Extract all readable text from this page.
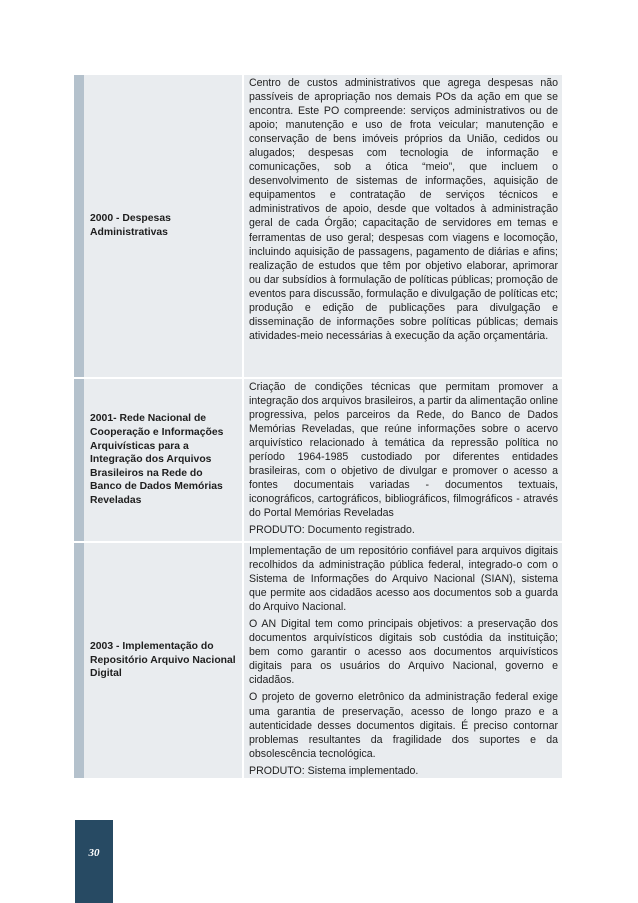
2000 - Despesas Administrativas

Centro de custos administrativos que agrega despesas não passíveis de apropriação nos demais POs da ação em que se encontra. Este PO compreende: serviços administrativos ou de apoio; manutenção e uso de frota veicular; manutenção e conservação de bens imóveis próprios da União, cedidos ou alugados; despesas com tecnologia de informação e comunicações, sob a ótica “meio”, que incluem o desenvolvimento de sistemas de informações, aquisição de equipamentos e contratação de serviços técnicos e administrativos de apoio, desde que voltados à administração geral de cada Órgão; capacitação de servidores em temas e ferramentas de uso geral; despesas com viagens e locomoção, incluindo aquisição de passagens, pagamento de diárias e afins; realização de estudos que têm por objetivo elaborar, aprimorar ou dar subsídios à formulação de políticas públicas; promoção de eventos para discussão, formulação e divulgação de políticas etc; produção e edição de publicações para divulgação e disseminação de informações sobre políticas públicas; demais atividades-meio necessárias à execução da ação orçamentária.

2001- Rede Nacional de Cooperação e Informações Arquivísticas para a Integração dos Arquivos Brasileiros na Rede do Banco de Dados Memórias Reveladas

Criação de condições técnicas que permitam promover a integração dos arquivos brasileiros, a partir da alimentação online progressiva, pelos parceiros da Rede, do Banco de Dados Memórias Reveladas, que reúne informações sobre o acervo arquivístico relacionado à temática da repressão política no período 1964-1985 custodiado por diferentes entidades brasileiras, com o objetivo de divulgar e promover o acesso a fontes documentais variadas - documentos textuais, iconográficos, cartográficos, bibliográficos, filmográficos - através do Portal Memórias Reveladas

PRODUTO: Documento registrado.

2003 - Implementação do Repositório Arquivo Nacional Digital

Implementação de um repositório confiável para arquivos digitais recolhidos da administração pública federal, integrado-o com o Sistema de Informações do Arquivo Nacional (SIAN), sistema que permite aos cidadãos acesso aos documentos sob a guarda do Arquivo Nacional.

O AN Digital tem como principais objetivos: a preservação dos documentos arquivísticos digitais sob custódia da instituição; bem como garantir o acesso aos documentos arquivísticos digitais para os usuários do Arquivo Nacional, governo e cidadãos.

O projeto de governo eletrônico da administração federal exige uma garantia de preservação, acesso de longo prazo e a autenticidade desses documentos digitais. É preciso contornar problemas resultantes da fragilidade dos suportes e da obsolescência tecnológica.

PRODUTO: Sistema implementado.

30
